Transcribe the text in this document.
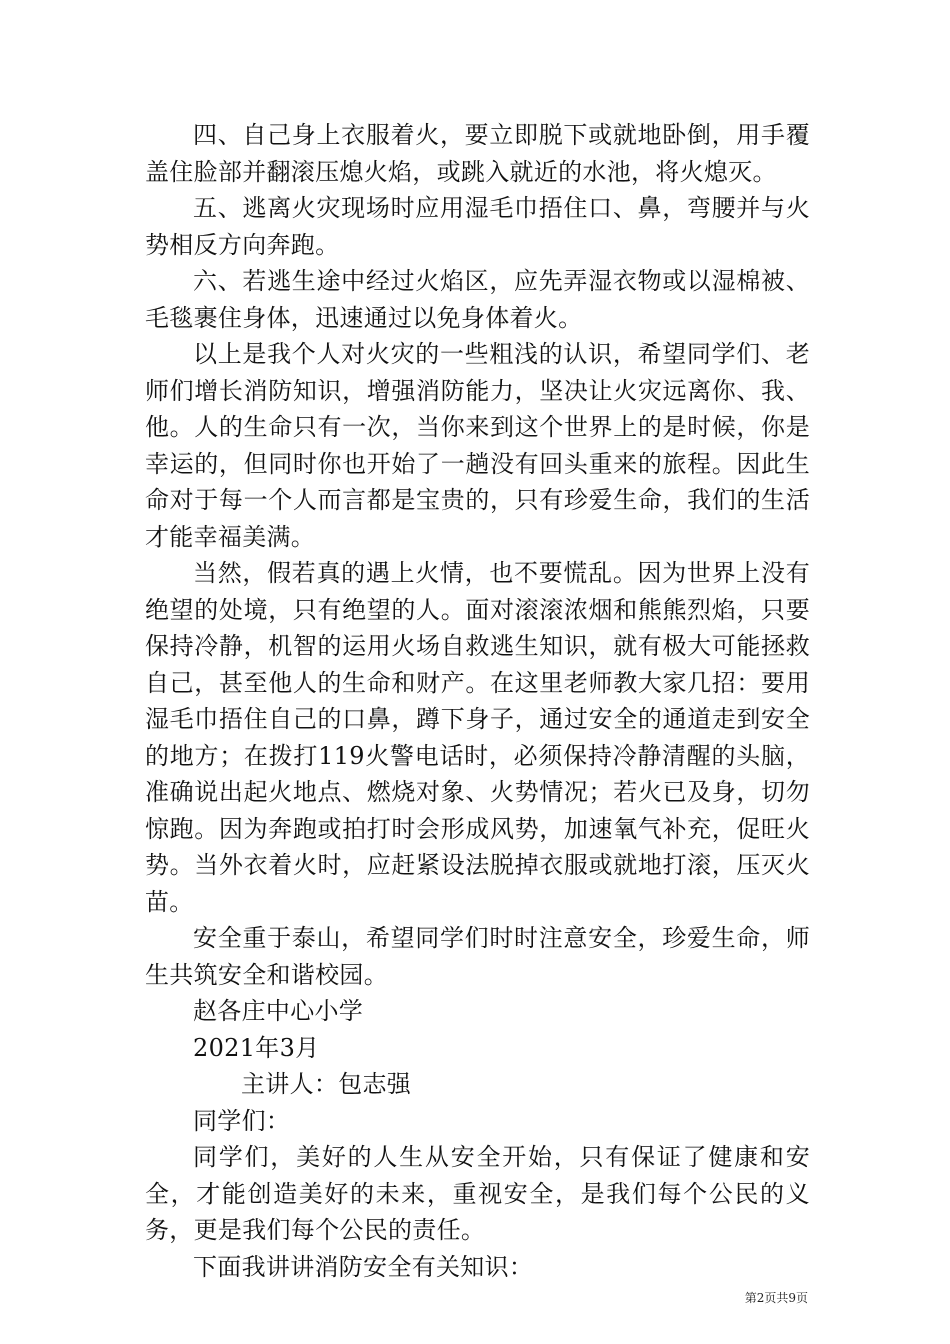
四、自己身上衣服着火，要立即脱下或就地卧倒，用手覆盖住脸部并翻滚压熄火焰，或跳入就近的水池，将火熄灭。

五、逃离火灾现场时应用湿毛巾捂住口、鼻，弯腰并与火势相反方向奔跑。

六、若逃生途中经过火焰区，应先弄湿衣物或以湿棉被、毛毯裹住身体，迅速通过以免身体着火。

以上是我个人对火灾的一些粗浅的认识，希望同学们、老师们增长消防知识，增强消防能力，坚决让火灾远离你、我、他。人的生命只有一次，当你来到这个世界上的是时候，你是幸运的，但同时你也开始了一趟没有回头重来的旅程。因此生命对于每一个人而言都是宝贵的，只有珍爱生命，我们的生活才能幸福美满。

当然，假若真的遇上火情，也不要慌乱。因为世界上没有绝望的处境，只有绝望的人。面对滚滚浓烟和熊熊烈焰，只要保持冷静，机智的运用火场自救逃生知识，就有极大可能拯救自己，甚至他人的生命和财产。在这里老师教大家几招：要用湿毛巾捂住自己的口鼻，蹲下身子，通过安全的通道走到安全的地方；在拨打119火警电话时，必须保持冷静清醒的头脑，准确说出起火地点、燃烧对象、火势情况；若火已及身，切勿惊跑。因为奔跑或拍打时会形成风势，加速氧气补充，促旺火势。当外衣着火时，应赶紧设法脱掉衣服或就地打滚，压灭火苗。

安全重于泰山，希望同学们时时注意安全，珍爱生命，师生共筑安全和谐校园。

赵各庄中心小学

2021年3月

主讲人：包志强

同学们：

同学们，美好的人生从安全开始，只有保证了健康和安全，才能创造美好的未来，重视安全，是我们每个公民的义务，更是我们每个公民的责任。

下面我讲讲消防安全有关知识：

第2页共9页
